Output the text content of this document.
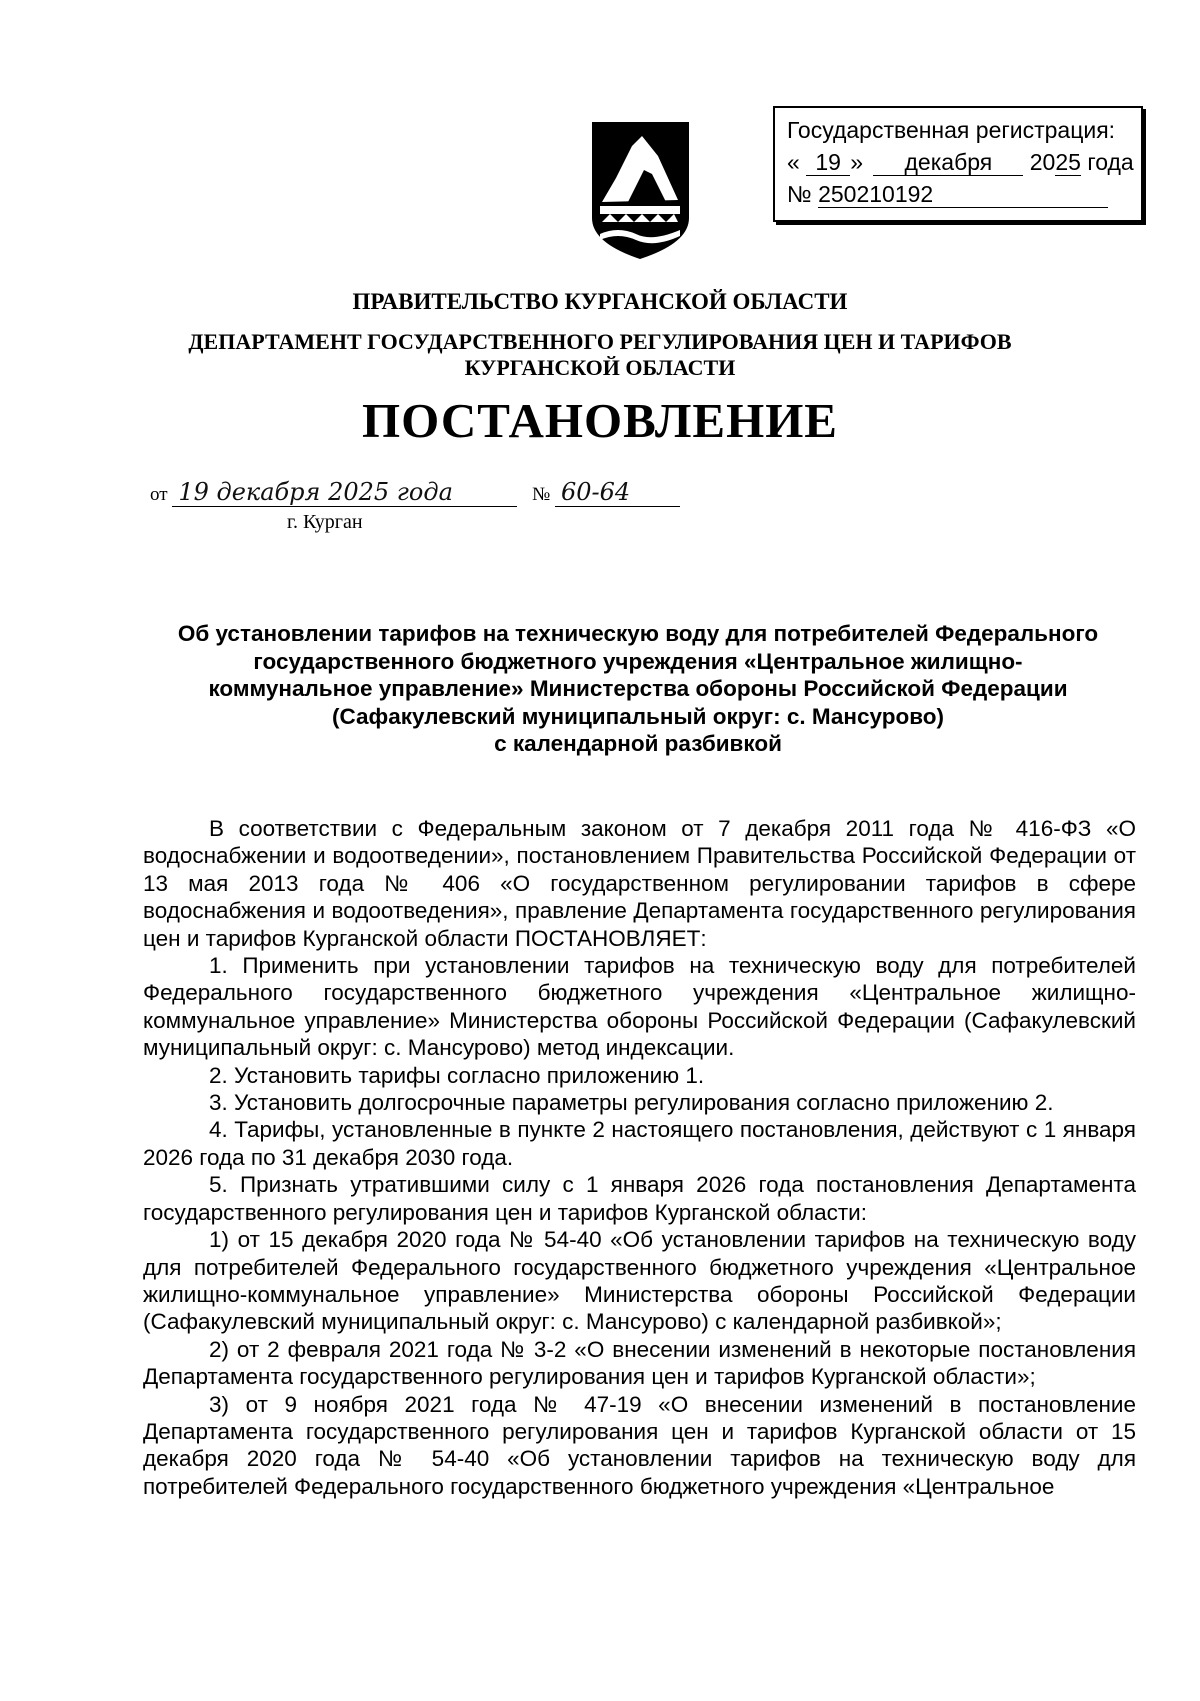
Государственная регистрация:
« 19 » декабря 2025 года
№ 250210192
ПРАВИТЕЛЬСТВО КУРГАНСКОЙ ОБЛАСТИ
ДЕПАРТАМЕНТ ГОСУДАРСТВЕННОГО РЕГУЛИРОВАНИЯ ЦЕН И ТАРИФОВ
КУРГАНСКОЙ ОБЛАСТИ
ПОСТАНОВЛЕНИЕ
от 19 декабря 2025 года	№ 60-64
г. Курган
Об установлении тарифов на техническую воду для потребителей Федерального
государственного бюджетного учреждения «Центральное жилищно-
коммунальное управление» Министерства обороны Российской Федерации
(Сафакулевский муниципальный округ: с. Мансурово)
с календарной разбивкой

В соответствии с Федеральным законом от 7 декабря 2011 года № 416-ФЗ «О водоснабжении и водоотведении», постановлением Правительства Российской Федерации от 13 мая 2013 года № 406 «О государственном регулировании тарифов в сфере водоснабжения и водоотведения», правление Департамента государственного регулирования цен и тарифов Курганской области ПОСТАНОВЛЯЕТ:

1. Применить при установлении тарифов на техническую воду для потребителей Федерального государственного бюджетного учреждения «Центральное жилищно-коммунальное управление» Министерства обороны Российской Федерации (Сафакулевский муниципальный округ: с. Мансурово) метод индексации.

2. Установить тарифы согласно приложению 1.

3. Установить долгосрочные параметры регулирования согласно приложению 2.

4. Тарифы, установленные в пункте 2 настоящего постановления, действуют с 1 января 2026 года по 31 декабря 2030 года.

5. Признать утратившими силу с 1 января 2026 года постановления Департамента государственного регулирования цен и тарифов Курганской области:

1) от 15 декабря 2020 года № 54-40 «Об установлении тарифов на техническую воду для потребителей Федерального государственного бюджетного учреждения «Центральное жилищно-коммунальное управление» Министерства обороны Российской Федерации (Сафакулевский муниципальный округ: с. Мансурово) с календарной разбивкой»;

2) от 2 февраля 2021 года № 3-2 «О внесении изменений в некоторые постановления Департамента государственного регулирования цен и тарифов Курганской области»;

3) от 9 ноября 2021 года № 47-19 «О внесении изменений в постановление Департамента государственного регулирования цен и тарифов Курганской области от 15 декабря 2020 года № 54-40 «Об установлении тарифов на техническую воду для потребителей Федерального государственного бюджетного учреждения «Центральное
